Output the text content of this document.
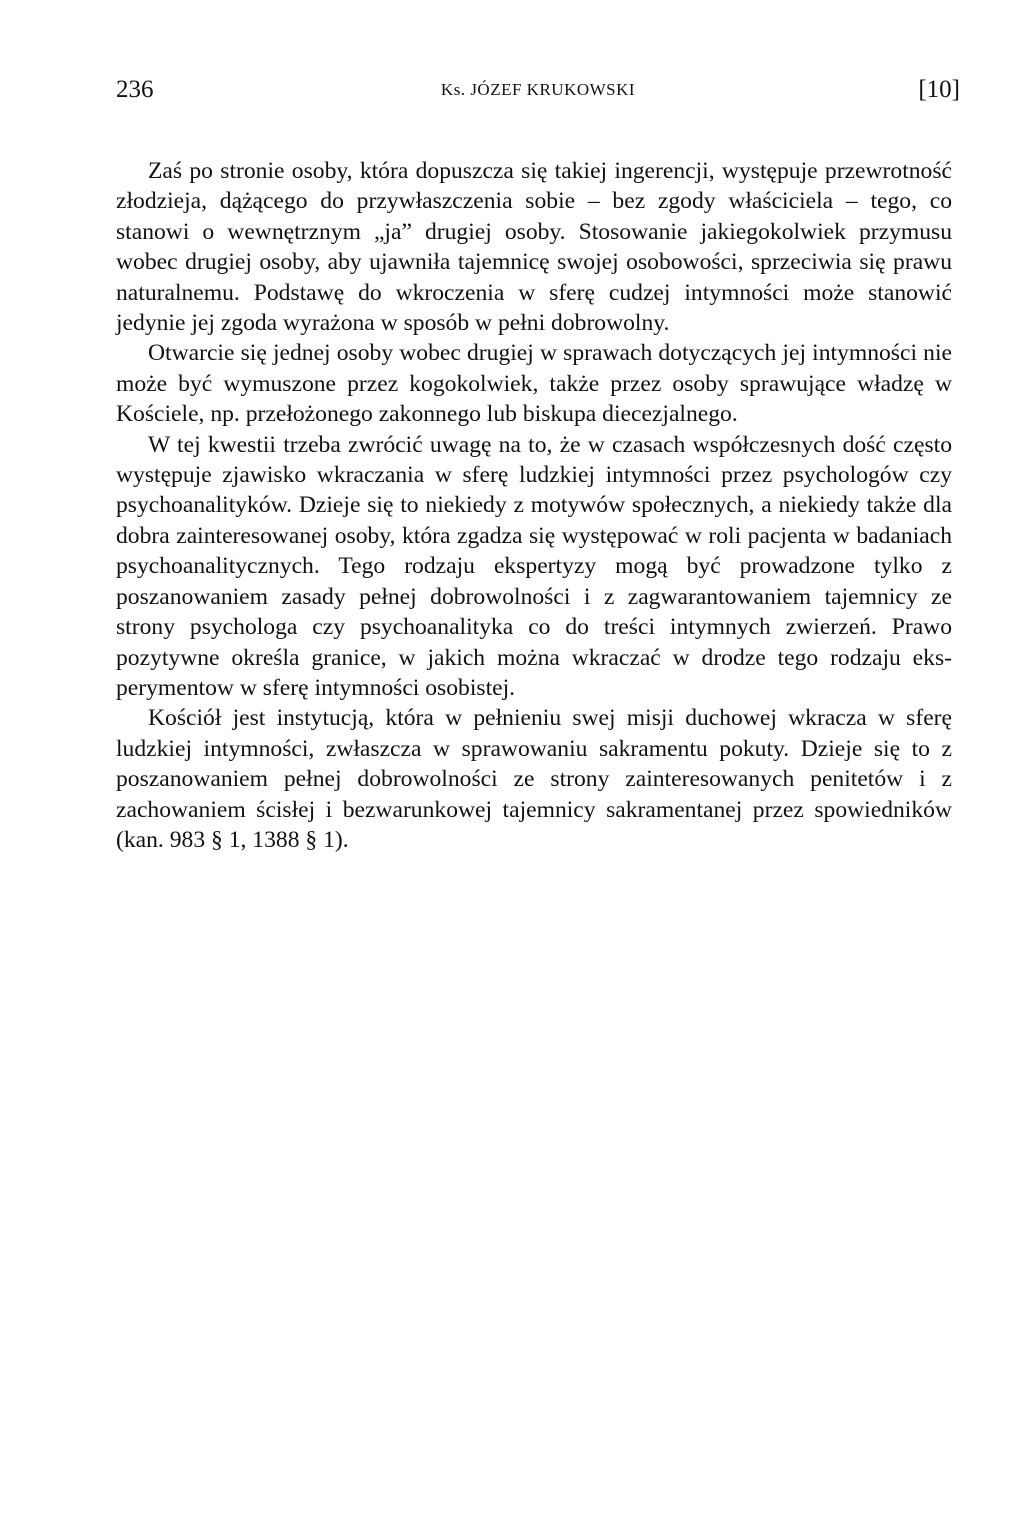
236	Ks. JÓZEF KRUKOWSKI	[10]

Zaś po stronie osoby, która dopuszcza się takiej ingerencji, występuje przewrotność złodzieja, dążącego do przywłaszczenia sobie – bez zgody właściciela – tego, co stanowi o wewnętrznym „ja” drugiej osoby. Stosowanie jakiegokolwiek przymusu wobec drugiej osoby, aby ujawniła tajemnicę swojej osobowości, sprzeciwia się prawu naturalnemu. Podstawę do wkroczenia w sferę cudzej intymności może stanowić jedynie jej zgoda wyrażona w sposób w pełni dobrowolny.

Otwarcie się jednej osoby wobec drugiej w sprawach dotyczących jej intymności nie może być wymuszone przez kogokolwiek, także przez osoby sprawujące władzę w Kościele, np. przełożonego zakonnego lub biskupa diecezjalnego.

W tej kwestii trzeba zwrócić uwagę na to, że w czasach współczesnych dość często występuje zjawisko wkraczania w sferę ludzkiej intymności przez psychologów czy psychoanalityków. Dzieje się to niekiedy z motywów społecznych, a niekiedy także dla dobra zainteresowanej osoby, która zgadza się występować w roli pacjenta w badaniach psychoanalitycznych. Tego rodzaju ekspertyzy mogą być prowadzone tylko z poszanowaniem zasady pełnej dobrowolności i z zagwarantowaniem tajemnicy ze strony psychologa czy psychoanalityka co do treści intymnych zwierzeń. Prawo pozytywne określa granice, w jakich można wkraczać w drodze tego rodzaju eksperymentow w sferę intymności osobistej.

Kościół jest instytucją, która w pełnieniu swej misji duchowej wkracza w sferę ludzkiej intymności, zwłaszcza w sprawowaniu sakramentu pokuty. Dzieje się to z poszanowaniem pełnej dobrowolności ze strony zainteresowanych penitetów i z zachowaniem ścisłej i bezwarunkowej tajemnicy sakramentanej przez spowiedników (kan. 983 § 1, 1388 § 1).
